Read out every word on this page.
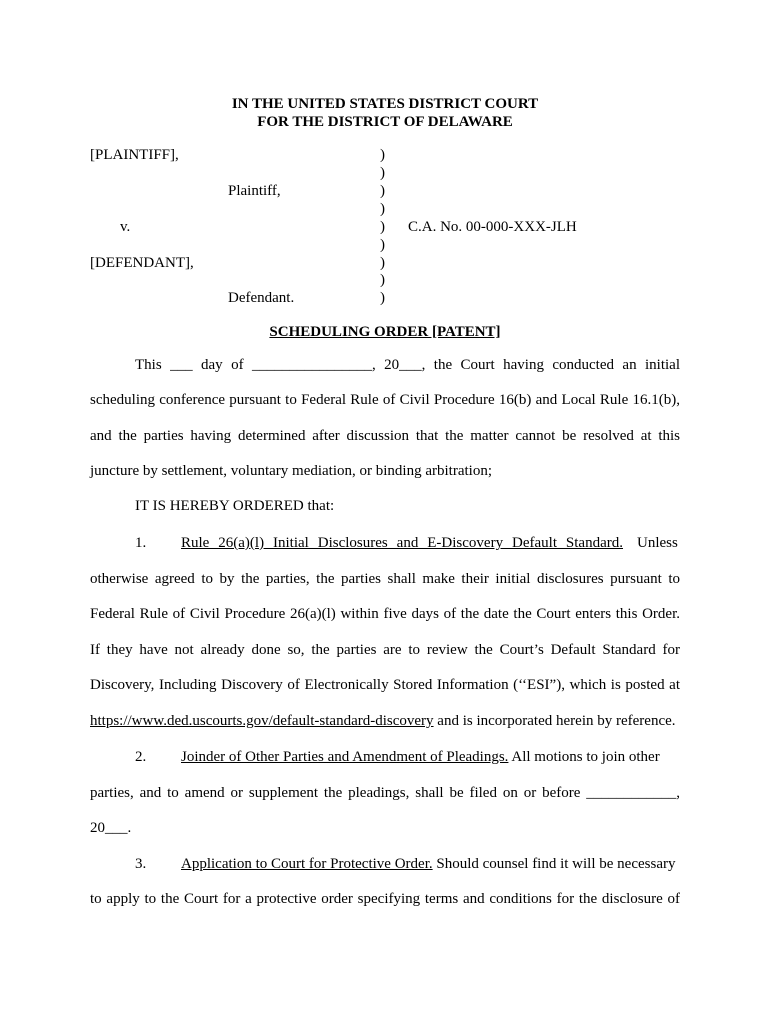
IN THE UNITED STATES DISTRICT COURT
FOR THE DISTRICT OF DELAWARE
[PLAINTIFF],
Plaintiff,
v.
[DEFENDANT],
Defendant.
C.A. No. 00-000-XXX-JLH
)
)
)
)
)
)
)
)
)
SCHEDULING ORDER [PATENT]
This ___ day of ________________, 20___, the Court having conducted an initial
scheduling conference pursuant to Federal Rule of Civil Procedure 16(b) and Local Rule 16.1(b),
and the parties having determined after discussion that the matter cannot be resolved at this
juncture by settlement, voluntary mediation, or binding arbitration;
IT IS HEREBY ORDERED that:
1. Rule 26(a)(l) Initial Disclosures and E-Discovery Default Standard. Unless
otherwise agreed to by the parties, the parties shall make their initial disclosures pursuant to
Federal Rule of Civil Procedure 26(a)(l) within five days of the date the Court enters this Order.
If they have not already done so, the parties are to review the Court’s Default Standard for
Discovery, Including Discovery of Electronically Stored Information (‘‘ESI”), which is posted at
https://www.ded.uscourts.gov/default-standard-discovery and is incorporated herein by reference.
2. Joinder of Other Parties and Amendment of Pleadings. All motions to join other
parties, and to amend or supplement the pleadings, shall be filed on or before ____________,
20___.
3. Application to Court for Protective Order. Should counsel find it will be necessary
to apply to the Court for a protective order specifying terms and conditions for the disclosure of
